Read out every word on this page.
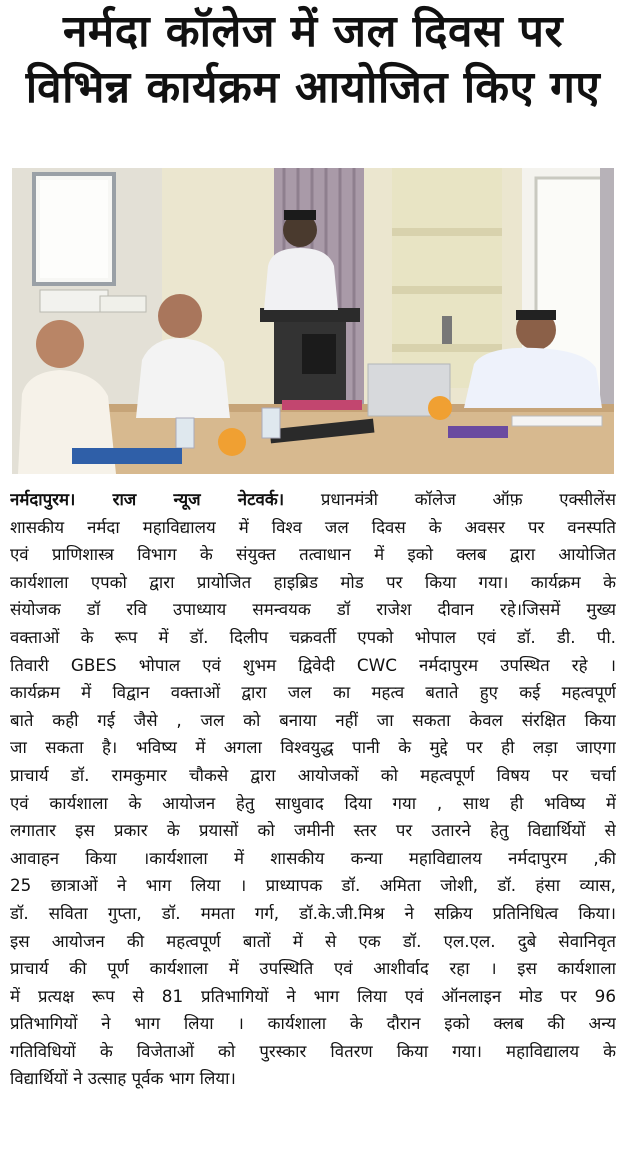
नर्मदा कॉलेज में जल दिवस पर
विभिन्न कार्यक्रम आयोजित किए गए
नर्मदापुरम। राज न्यूज नेटवर्क। प्रधानमंत्री कॉलेज ऑफ़ एक्सीलेंस
शासकीय नर्मदा महाविद्यालय में विश्व जल दिवस के अवसर पर वनस्पति
एवं प्राणिशास्त्र विभाग के संयुक्त तत्वाधान में इको क्लब द्वारा आयोजित
कार्यशाला एपको द्वारा प्रायोजित हाइब्रिड मोड पर किया गया। कार्यक्रम के
संयोजक डॉ रवि उपाध्याय समन्वयक डॉ राजेश दीवान रहे।जिसमें मुख्य
वक्ताओं के रूप में डॉ. दिलीप चक्रवर्ती एपको भोपाल एवं डॉ. डी. पी.
तिवारी GBES भोपाल एवं शुभम द्विवेदी CWC नर्मदापुरम उपस्थित रहे ।
कार्यक्रम में विद्वान वक्ताओं द्वारा जल का महत्व बताते हुए कई महत्वपूर्ण
बाते कही गई जैसे , जल को बनाया नहीं जा सकता केवल संरक्षित किया
जा सकता है। भविष्य में अगला विश्वयुद्ध पानी के मुद्दे पर ही लड़ा जाएगा
प्राचार्य डॉ. रामकुमार चौकसे द्वारा आयोजकों को महत्वपूर्ण विषय पर चर्चा
एवं कार्यशाला के आयोजन हेतु साधुवाद दिया गया , साथ ही भविष्य में
लगातार इस प्रकार के प्रयासों को जमीनी स्तर पर उतारने हेतु विद्यार्थियों से
आवाहन किया ।कार्यशाला में शासकीय कन्या महाविद्यालय नर्मदापुरम ,की
25 छात्राओं ने भाग लिया । प्राध्यापक डॉ. अमिता जोशी, डॉ. हंसा व्यास,
डॉ. सविता गुप्ता, डॉ. ममता गर्ग, डॉ.के.जी.मिश्र ने सक्रिय प्रतिनिधित्व किया।
इस आयोजन की महत्वपूर्ण बातों में से एक डॉ. एल.एल. दुबे सेवानिवृत
प्राचार्य की पूर्ण कार्यशाला में उपस्थिति एवं आशीर्वाद रहा । इस कार्यशाला
में प्रत्यक्ष रूप से 81 प्रतिभागियों ने भाग लिया एवं ऑनलाइन मोड पर 96
प्रतिभागियों ने भाग लिया । कार्यशाला के दौरान इको क्लब की अन्य
गतिविधियों के विजेताओं को पुरस्कार वितरण किया गया। महाविद्यालय के
विद्यार्थियों ने उत्साह पूर्वक भाग लिया।
